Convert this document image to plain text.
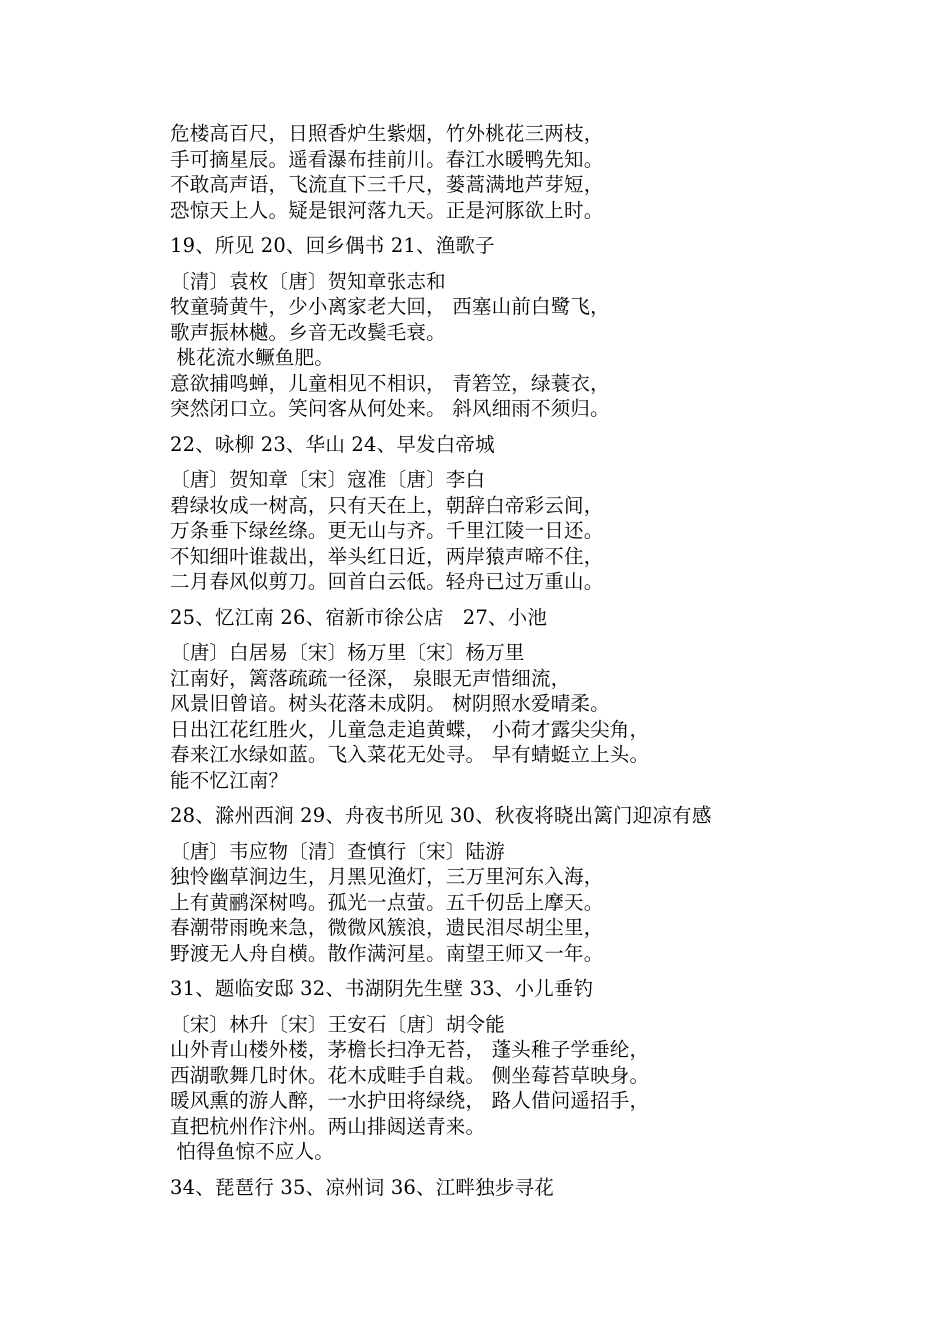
危楼高百尺，日照香炉生紫烟，竹外桃花三两枝，
手可摘星辰。遥看瀑布挂前川。春江水暖鸭先知。
不敢高声语，飞流直下三千尺，蒌蒿满地芦芽短，
恐惊天上人。疑是银河落九天。正是河豚欲上时。
19、所见 20、回乡偶书 21、渔歌子
〔清〕袁枚〔唐〕贺知章张志和
牧童骑黄牛，少小离家老大回， 西塞山前白鹭飞，
歌声振林樾。乡音无改鬓毛衰。
桃花流水鳜鱼肥。
意欲捕鸣蝉，儿童相见不相识， 青箬笠，绿蓑衣，
突然闭口立。笑问客从何处来。 斜风细雨不须归。
22、咏柳 23、华山 24、早发白帝城
〔唐〕贺知章〔宋〕寇准〔唐〕李白
碧绿妆成一树高，只有天在上，朝辞白帝彩云间，
万条垂下绿丝绦。更无山与齐。千里江陵一日还。
不知细叶谁裁出，举头红日近，两岸猿声啼不住，
二月春风似剪刀。回首白云低。轻舟已过万重山。
25、忆江南 26、宿新市徐公店   27、小池
〔唐〕白居易〔宋〕杨万里〔宋〕杨万里
江南好，篱落疏疏一径深， 泉眼无声惜细流，
风景旧曾谙。树头花落未成阴。 树阴照水爱晴柔。
日出江花红胜火，儿童急走追黄蝶， 小荷才露尖尖角，
春来江水绿如蓝。飞入菜花无处寻。 早有蜻蜓立上头。
能不忆江南？
28、滁州西涧 29、舟夜书所见 30、秋夜将晓出篱门迎凉有感
〔唐〕韦应物〔清〕查慎行〔宋〕陆游
独怜幽草涧边生，月黑见渔灯，三万里河东入海，
上有黄鹂深树鸣。孤光一点萤。五千仞岳上摩天。
春潮带雨晚来急，微微风簇浪，遗民泪尽胡尘里，
野渡无人舟自横。散作满河星。南望王师又一年。
31、题临安邸 32、书湖阴先生壁 33、小儿垂钓
〔宋〕林升〔宋〕王安石〔唐〕胡令能
山外青山楼外楼，茅檐长扫净无苔， 蓬头稚子学垂纶，
西湖歌舞几时休。花木成畦手自栽。 侧坐莓苔草映身。
暖风熏的游人醉，一水护田将绿绕， 路人借问遥招手，
直把杭州作汴州。两山排闼送青来。
怕得鱼惊不应人。
34、琵琶行 35、凉州词 36、江畔独步寻花
